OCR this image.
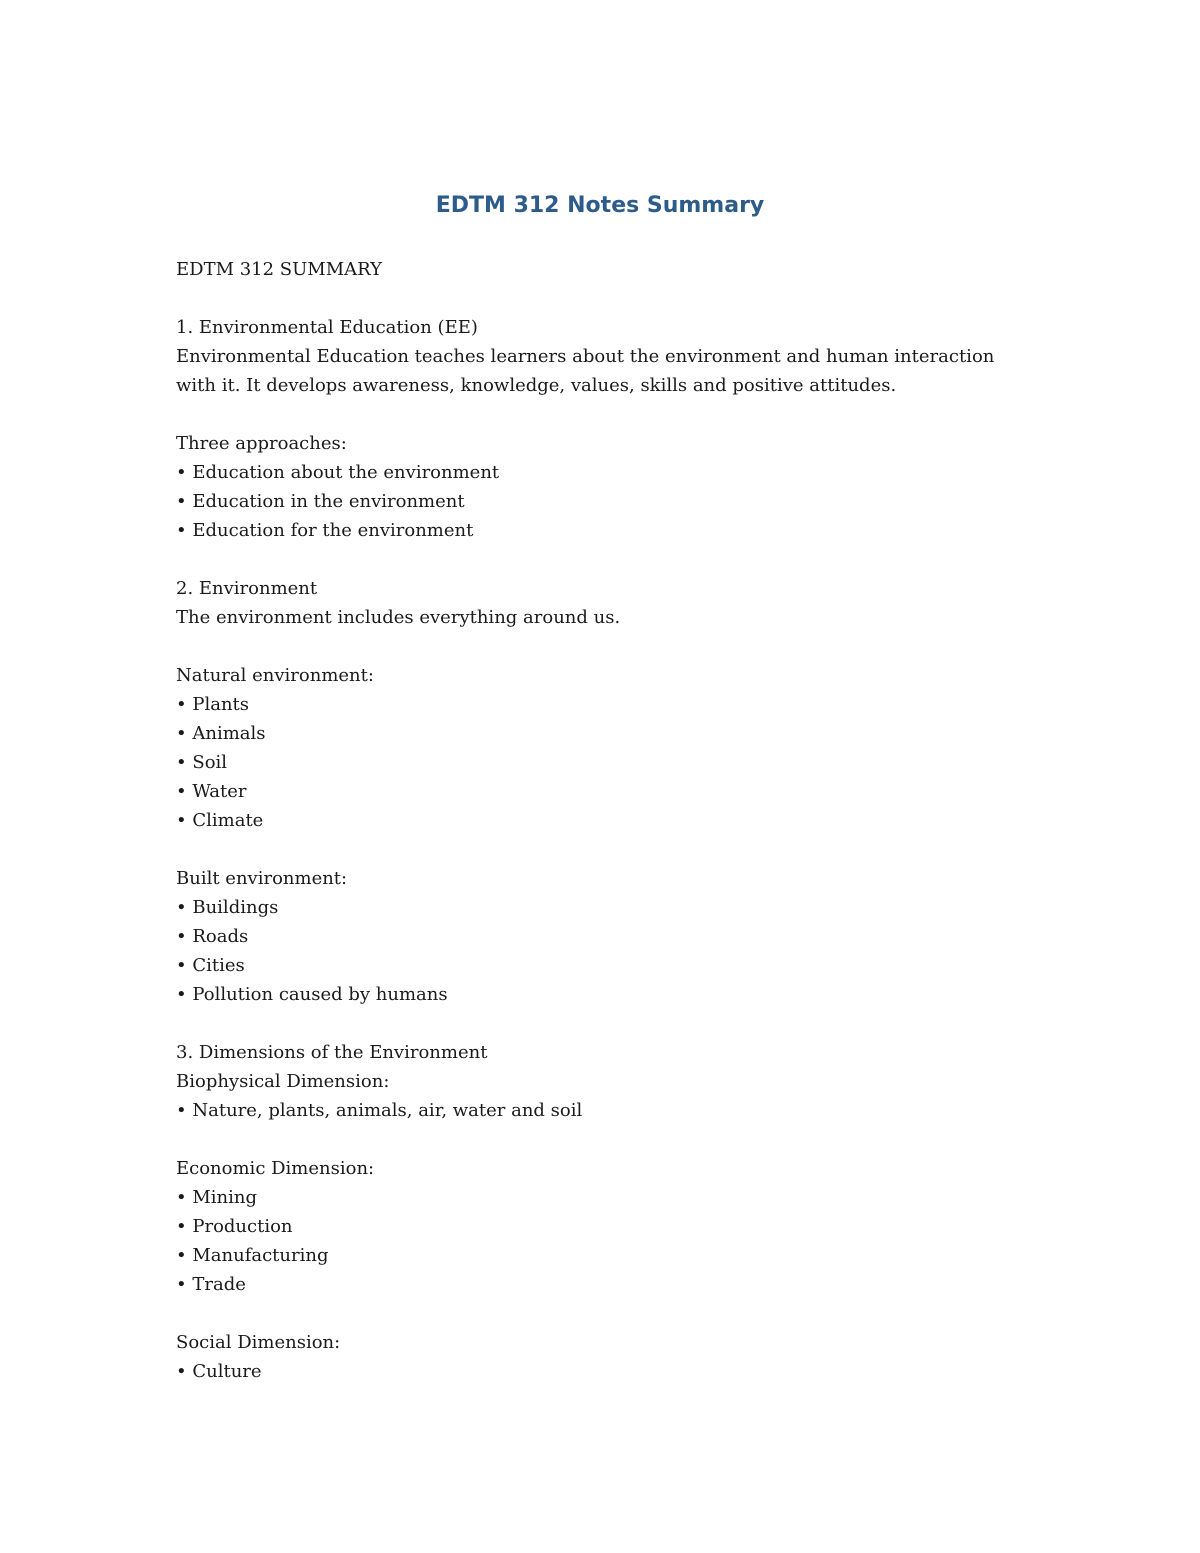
EDTM 312 Notes Summary
EDTM 312 SUMMARY
1. Environmental Education (EE)
Environmental Education teaches learners about the environment and human interaction
with it. It develops awareness, knowledge, values, skills and positive attitudes.
Three approaches:
• Education about the environment
• Education in the environment
• Education for the environment
2. Environment
The environment includes everything around us.
Natural environment:
• Plants
• Animals
• Soil
• Water
• Climate
Built environment:
• Buildings
• Roads
• Cities
• Pollution caused by humans
3. Dimensions of the Environment
Biophysical Dimension:
• Nature, plants, animals, air, water and soil
Economic Dimension:
• Mining
• Production
• Manufacturing
• Trade
Social Dimension:
• Culture
